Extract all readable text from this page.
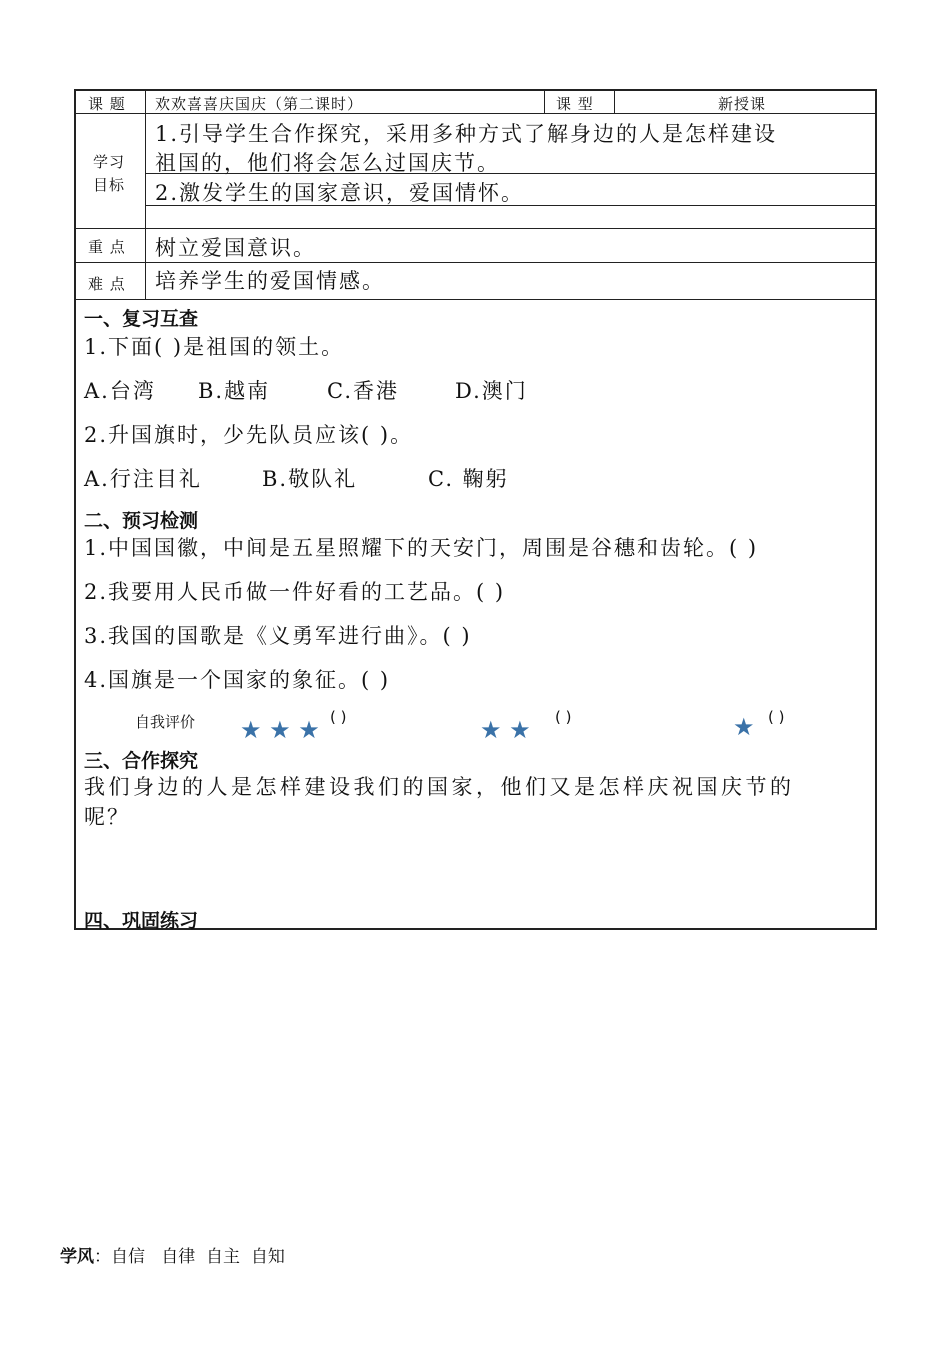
课 题 欢欢喜喜庆国庆（第二课时）	课 型	新授课
学习
目标
1.引导学生合作探究，采用多种方式了解身边的人是怎样建设
祖国的，他们将会怎么过国庆节。
2.激发学生的国家意识，爱国情怀。
重 点 树立爱国意识。
难 点 培养学生的爱国情感。
一、复习互查
1.下面( )是祖国的领土。
A.台湾 B.越南	C.香港	D.澳门
2.升国旗时，少先队员应该( )。
A.行注目礼	B.敬队礼	C. 鞠躬
二、预习检测
1.中国国徽，中间是五星照耀下的天安门，周围是谷穗和齿轮。( )
2.我要用人民币做一件好看的工艺品。( )
3.我国的国歌是《义勇军进行曲》。( )
4.国旗是一个国家的象征。( )
自我评价 ★ ★ ★ ( )	★ ★ ( )	★ ( )
三、合作探究
我们身边的人是怎样建设我们的国家，他们又是怎样庆祝国庆节的
呢？
四、巩固练习
学风：自信   自律  自主  自知
